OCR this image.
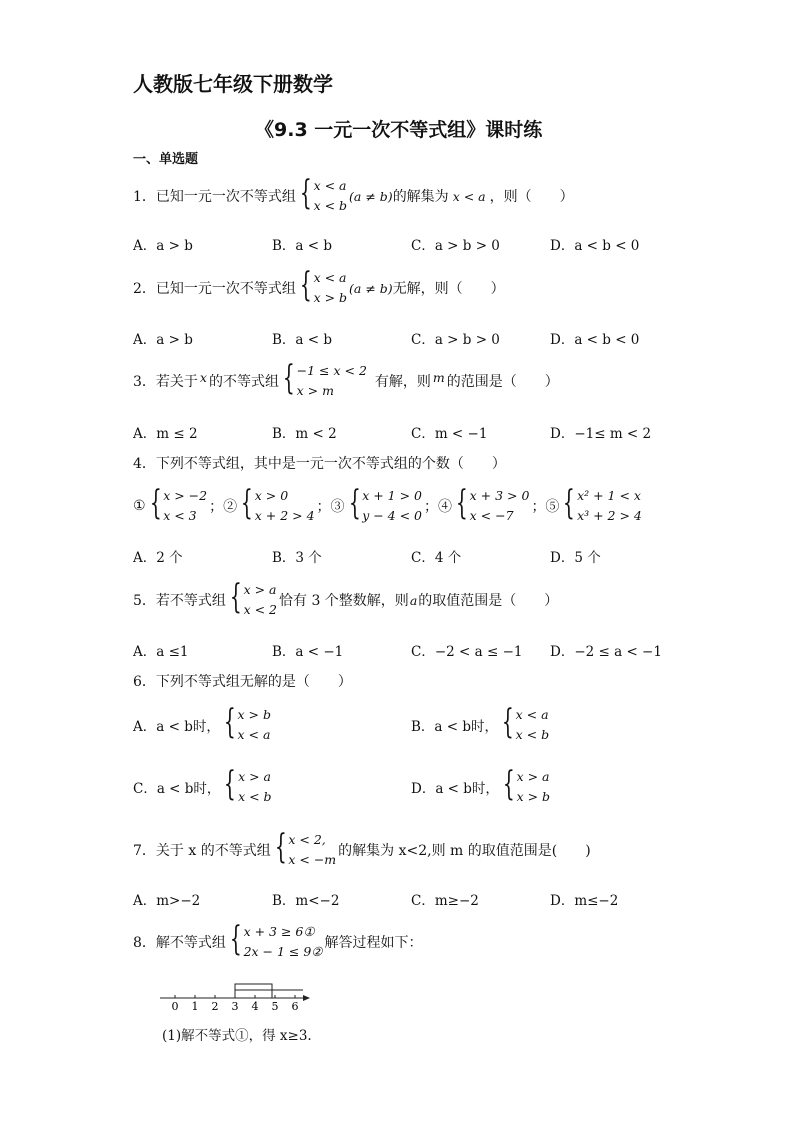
人教版七年级下册数学
《9.3 一元一次不等式组》课时练
一、单选题
1．已知一元一次不等式组 { x < a
x < b
(a ≠ b) 的解集为 x < a ，则（　　）
A．a > b	B．a < b	C．a > b > 0	D．a < b < 0
2．已知一元一次不等式组 { x < a
x > b
(a ≠ b) 无解，则（　　）
A．a > b	B．a < b	C．a > b > 0	D．a < b < 0
3．若关于 x 的不等式组 { −1 ≤ x < 2
x > m
有解，则 m 的范围是（　　）
A．m ≤ 2	B．m < 2	C．m < −1	D．−1≤ m < 2
4．下列不等式组，其中是一元一次不等式组的个数（　　）
① { x > −2
x < 3
；② { x > 0
x + 2 > 4
；③ { x + 1 > 0
y − 4 < 0
；④ { x + 3 > 0
x < −7
；⑤ { x² + 1 < x
x³ + 2 > 4
A．2 个	B．3 个	C．4 个	D．5 个
5．若不等式组 { x > a
x < 2
恰有 3 个整数解，则 a 的取值范围是（　　）
A．a ≤1	B．a < −1	C．−2 < a ≤ −1 D．−2 ≤ a < −1
6．下列不等式组无解的是（　　）
A．a < b时， { x > b
x < a	B．a < b时， { x < a
x < b
C．a < b时， { x > a
x < b	D．a < b时， { x > a
x > b
7．关于 x 的不等式组 { x < 2,
x < −m
的解集为 x<2,则 m 的取值范围是(　　)
A．m>−2	B．m<−2	C．m≥−2	D．m≤−2
8．解不等式组 { x + 3 ≥ 6①
2x − 1 ≤ 9②
解答过程如下：
0 1 2 3 4 5 6
(1)解不等式①，得 x≥3.
